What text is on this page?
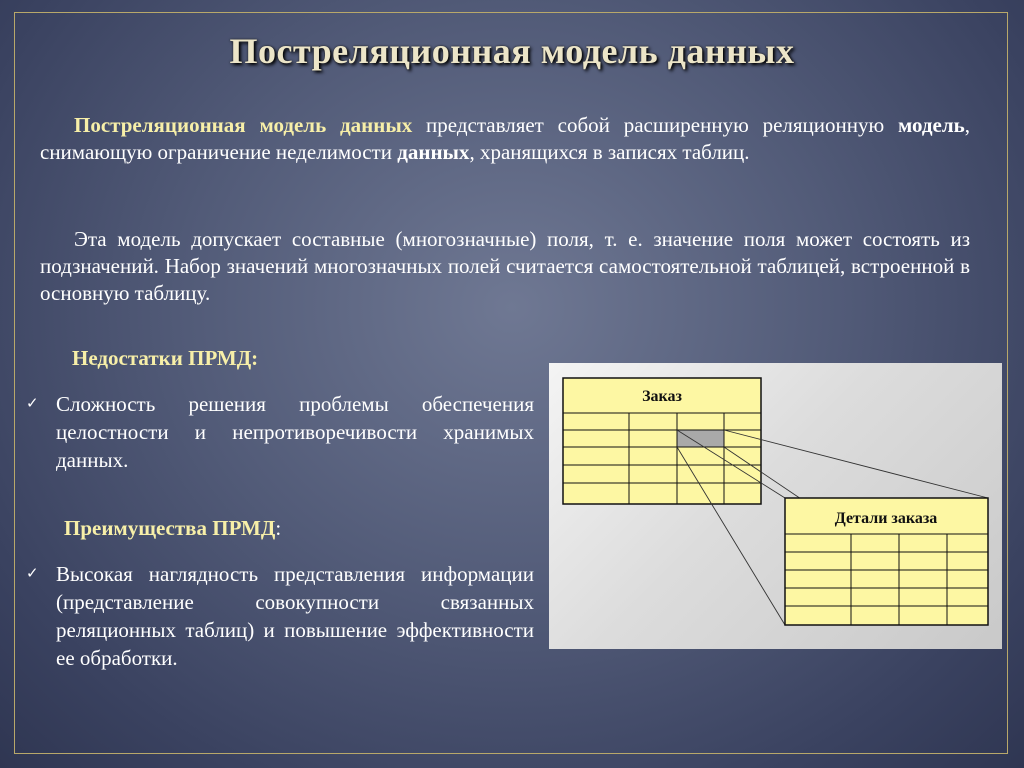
Постреляционная модель данных

Постреляционная модель данных представляет собой расширенную реляционную модель, снимающую ограничение неделимости данных, хранящихся в записях таблиц.

Эта модель допускает составные (многозначные) поля, т. е. значение поля может состоять из подзначений. Набор значений многозначных полей считается самостоятельной таблицей, встроенной в основную таблицу.

Недостатки ПРМД:
✓ Сложность решения проблемы обеспечения целостности и непротиворечивости хранимых данных.
Преимущества ПРМД:
✓ Высокая наглядность представления информации (представление совокупности связанных реляционных таблиц) и повышение эффективности ее обработки.
Заказ
Детали заказа
